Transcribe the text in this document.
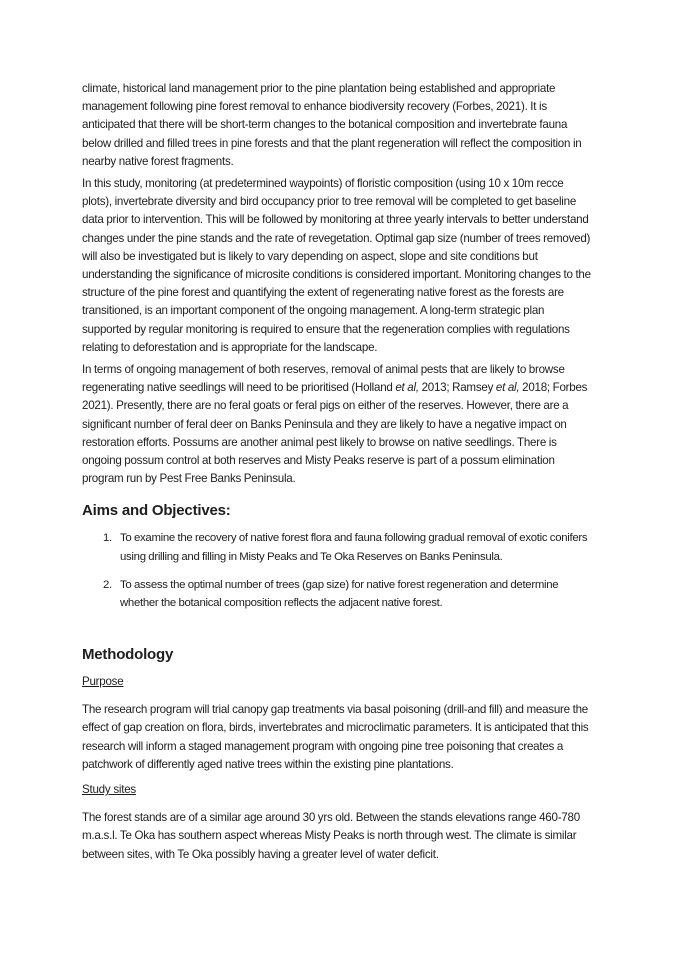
climate, historical land management prior to the pine plantation being established and appropriate management following pine forest removal to enhance biodiversity recovery (Forbes, 2021). It is anticipated that there will be short-term changes to the botanical composition and invertebrate fauna below drilled and filled trees in pine forests and that the plant regeneration will reflect the composition in nearby native forest fragments.

In this study, monitoring (at predetermined waypoints) of floristic composition (using 10 x 10m recce plots), invertebrate diversity and bird occupancy prior to tree removal will be completed to get baseline data prior to intervention. This will be followed by monitoring at three yearly intervals to better understand changes under the pine stands and the rate of revegetation. Optimal gap size (number of trees removed) will also be investigated but is likely to vary depending on aspect, slope and site conditions but understanding the significance of microsite conditions is considered important. Monitoring changes to the structure of the pine forest and quantifying the extent of regenerating native forest as the forests are transitioned, is an important component of the ongoing management. A long-term strategic plan supported by regular monitoring is required to ensure that the regeneration complies with regulations relating to deforestation and is appropriate for the landscape.

In terms of ongoing management of both reserves, removal of animal pests that are likely to browse regenerating native seedlings will need to be prioritised (Holland et al, 2013; Ramsey et al, 2018; Forbes 2021). Presently, there are no feral goats or feral pigs on either of the reserves. However, there are a significant number of feral deer on Banks Peninsula and they are likely to have a negative impact on restoration efforts. Possums are another animal pest likely to browse on native seedlings. There is ongoing possum control at both reserves and Misty Peaks reserve is part of a possum elimination program run by Pest Free Banks Peninsula.

Aims and Objectives:
1. To examine the recovery of native forest flora and fauna following gradual removal of exotic conifers using drilling and filling in Misty Peaks and Te Oka Reserves on Banks Peninsula.
2. To assess the optimal number of trees (gap size) for native forest regeneration and determine whether the botanical composition reflects the adjacent native forest.
Methodology
Purpose

The research program will trial canopy gap treatments via basal poisoning (drill-and fill) and measure the effect of gap creation on flora, birds, invertebrates and microclimatic parameters. It is anticipated that this research will inform a staged management program with ongoing pine tree poisoning that creates a patchwork of differently aged native trees within the existing pine plantations.

Study sites

The forest stands are of a similar age around 30 yrs old. Between the stands elevations range 460-780 m.a.s.l. Te Oka has southern aspect whereas Misty Peaks is north through west. The climate is similar between sites, with Te Oka possibly having a greater level of water deficit.
